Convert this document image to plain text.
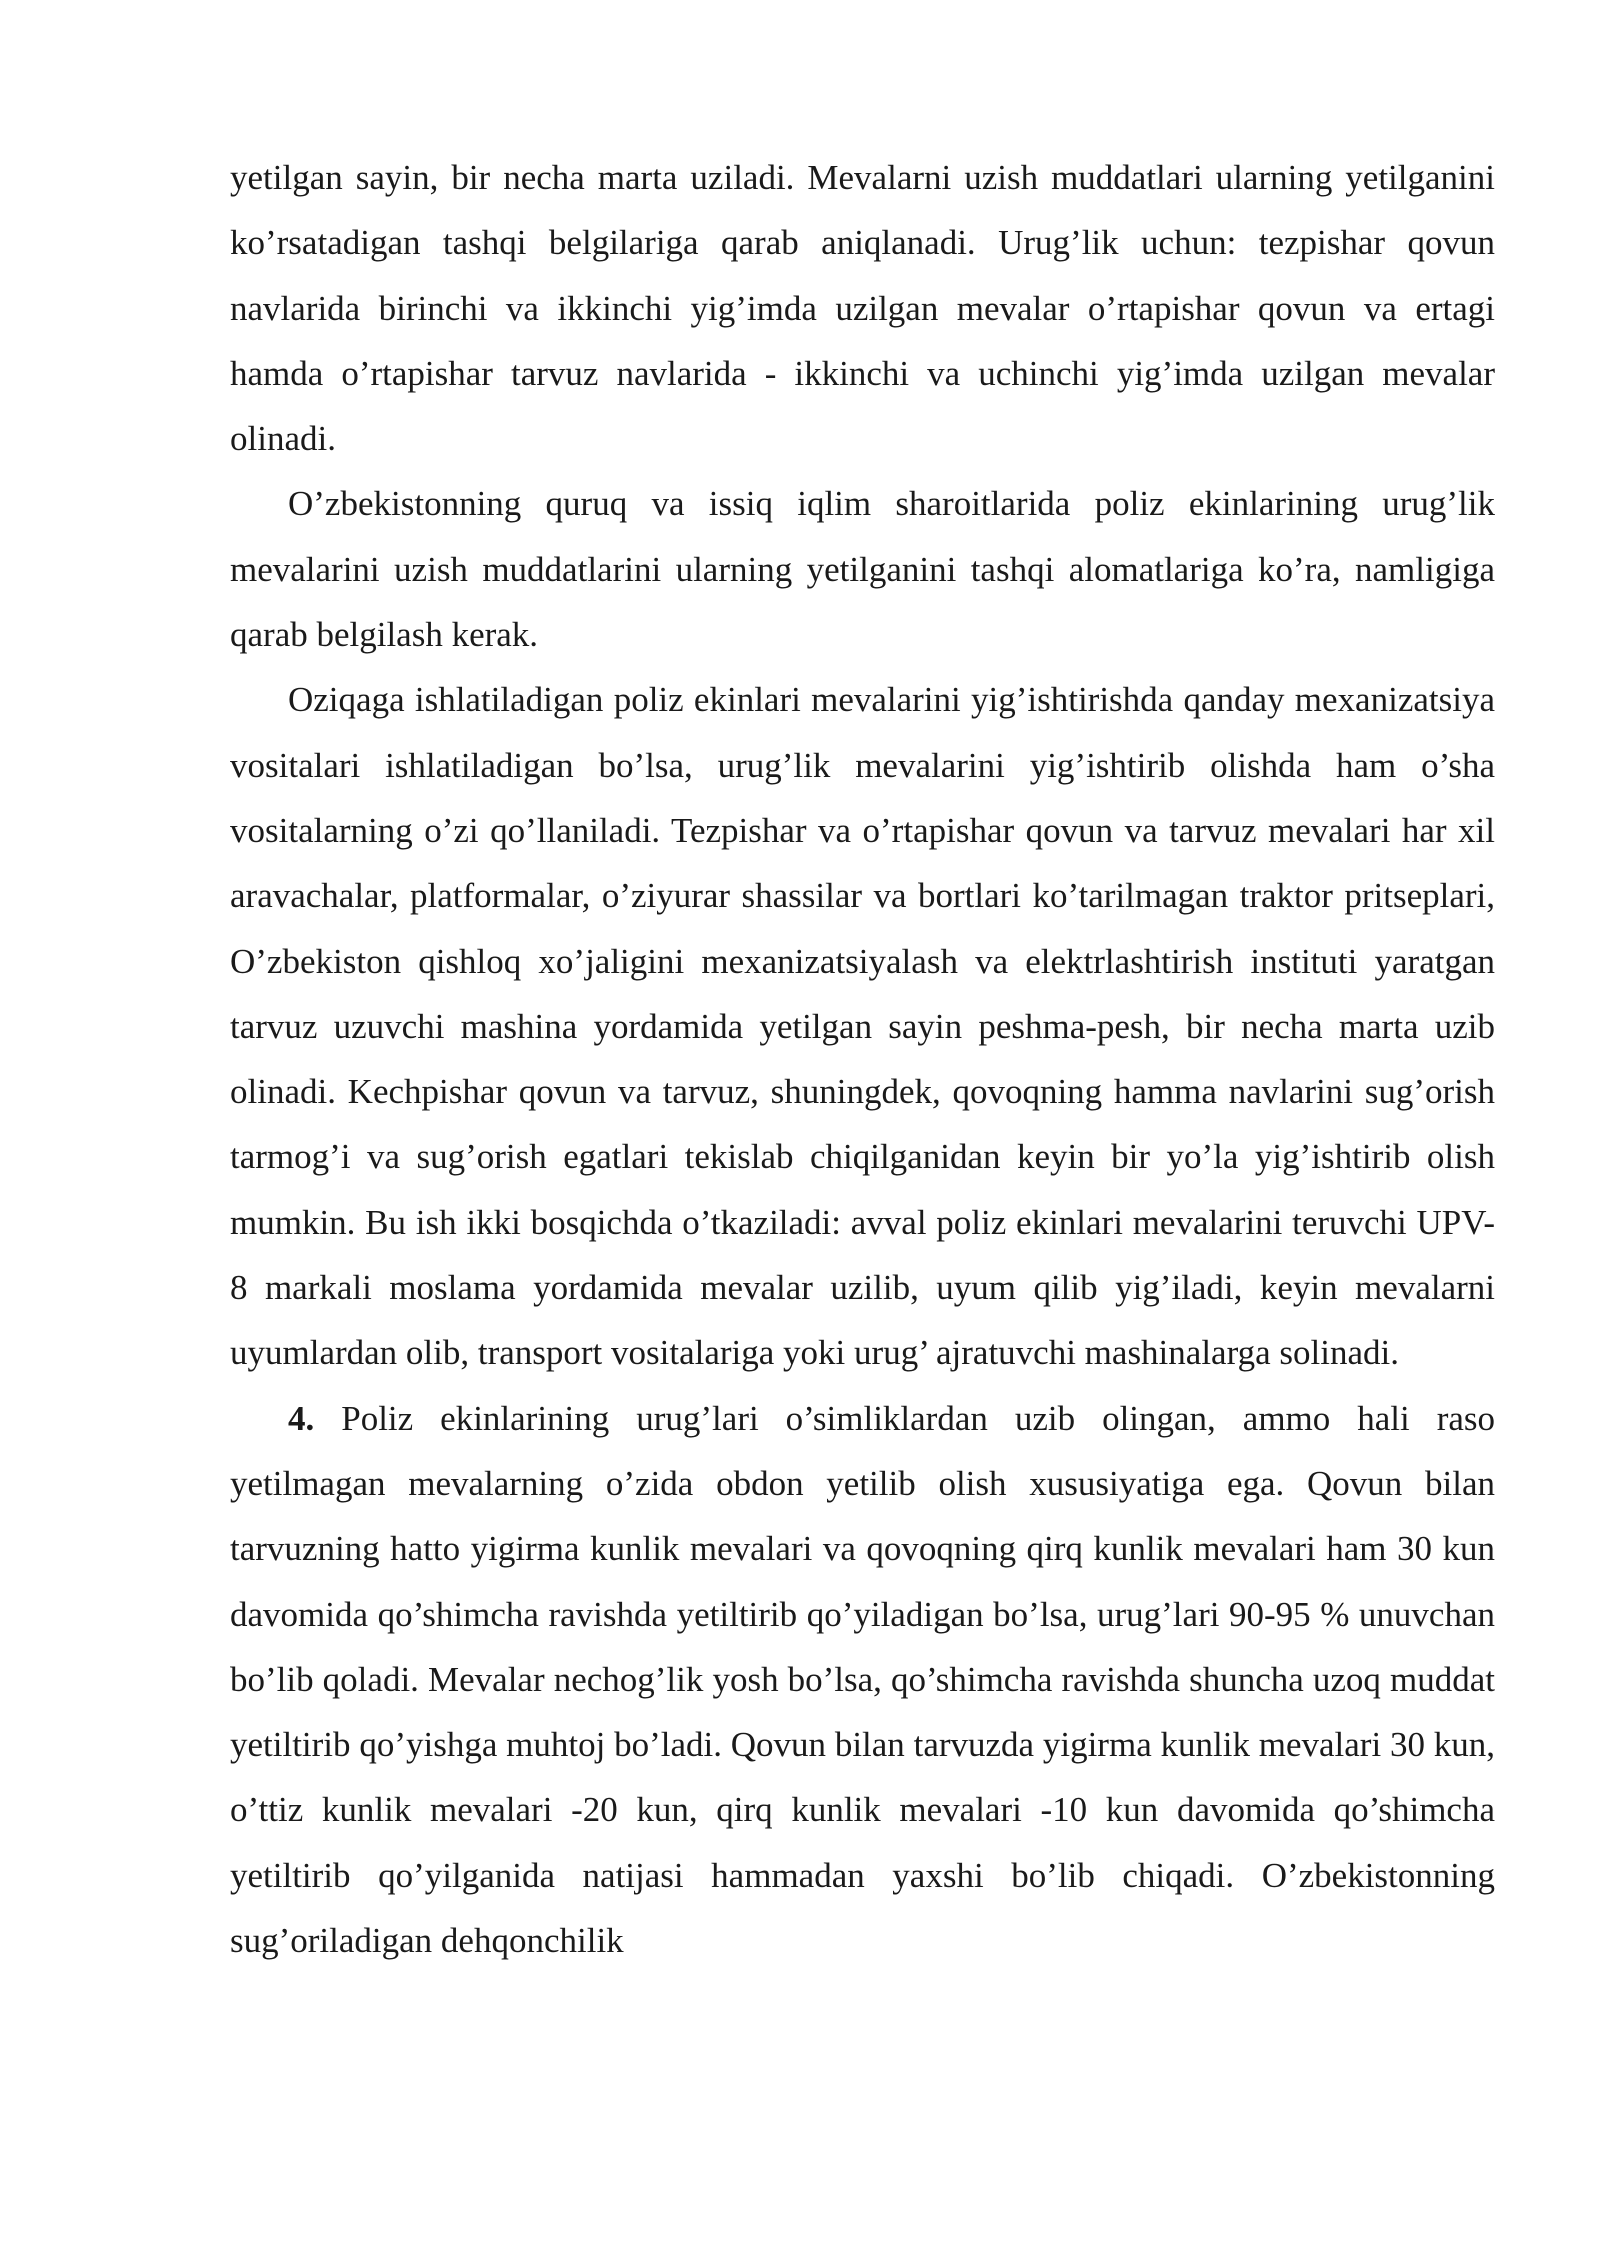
yetilgan sayin, bir necha marta uziladi. Mevalarni uzish muddatlari ularning yetilganini ko’rsatadigan tashqi belgilariga qarab aniqlanadi. Urug’lik uchun: tezpishar qovun navlarida birinchi va ikkinchi yig’imda uzilgan mevalar o’rtapishar qovun va ertagi hamda o’rtapishar tarvuz navlarida - ikkinchi va uchinchi yig’imda uzilgan mevalar olinadi.

O’zbekistonning quruq va issiq iqlim sharoitlarida poliz ekinlarining urug’lik mevalarini uzish muddatlarini ularning yetilganini tashqi alomatlariga ko’ra, namligiga qarab belgilash kerak.

Oziqaga ishlatiladigan poliz ekinlari mevalarini yig’ishtirishda qanday mexanizatsiya vositalari ishlatiladigan bo’lsa, urug’lik mevalarini yig’ishtirib olishda ham o’sha vositalarning o’zi qo’llaniladi. Tezpishar va o’rtapishar qovun va tarvuz mevalari har xil aravachalar, platformalar, o’ziyurar shassilar va bortlari ko’tarilmagan traktor pritseplari, O’zbekiston qishloq xo’jaligini mexanizatsiyalash va elektrlashtirish instituti yaratgan tarvuz uzuvchi mashina yordamida yetilgan sayin peshma-pesh, bir necha marta uzib olinadi. Kechpishar qovun va tarvuz, shuningdek, qovoqning hamma navlarini sug’orish tarmog’i va sug’orish egatlari tekislab chiqilganidan keyin bir yo’la yig’ishtirib olish mumkin. Bu ish ikki bosqichda o’tkaziladi: avval poliz ekinlari mevalarini teruvchi UPV-8 markali moslama yordamida mevalar uzilib, uyum qilib yig’iladi, keyin mevalarni uyumlardan olib, transport vositalariga yoki urug’ ajratuvchi mashinalarga solinadi.

4. Poliz ekinlarining urug’lari o’simliklardan uzib olingan, ammo hali raso yetilmagan mevalarning o’zida obdon yetilib olish xususiyatiga ega. Qovun bilan tarvuzning hatto yigirma kunlik mevalari va qovoqning qirq kunlik mevalari ham 30 kun davomida qo’shimcha ravishda yetiltirib qo’yiladigan bo’lsa, urug’lari 90-95 % unuvchan bo’lib qoladi. Mevalar nechog’lik yosh bo’lsa, qo’shimcha ravishda shuncha uzoq muddat yetiltirib qo’yishga muhtoj bo’ladi. Qovun bilan tarvuzda yigirma kunlik mevalari 30 kun, o’ttiz kunlik mevalari -20 kun, qirq kunlik mevalari -10 kun davomida qo’shimcha yetiltirib qo’yilganida natijasi hammadan yaxshi bo’lib chiqadi. O’zbekistonning sug’oriladigan dehqonchilik
